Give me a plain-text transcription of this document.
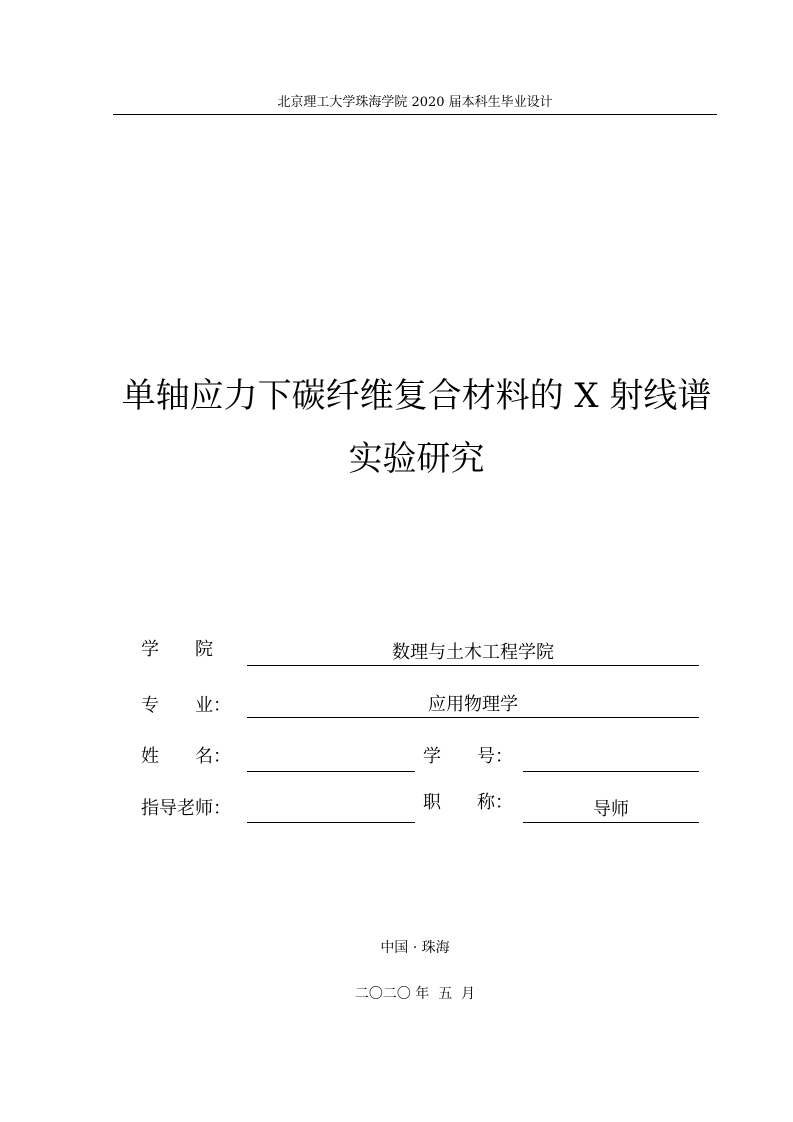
北京理工大学珠海学院 2020 届本科生毕业设计
单轴应力下碳纤维复合材料的 X 射线谱
实验研究
学　　院	数理与土木工程学院
专　　业：	应用物理学
姓　　名：	学　　号：
指导老师：	职　　称：	导师
中国 · 珠海
二〇二〇 年  五  月
